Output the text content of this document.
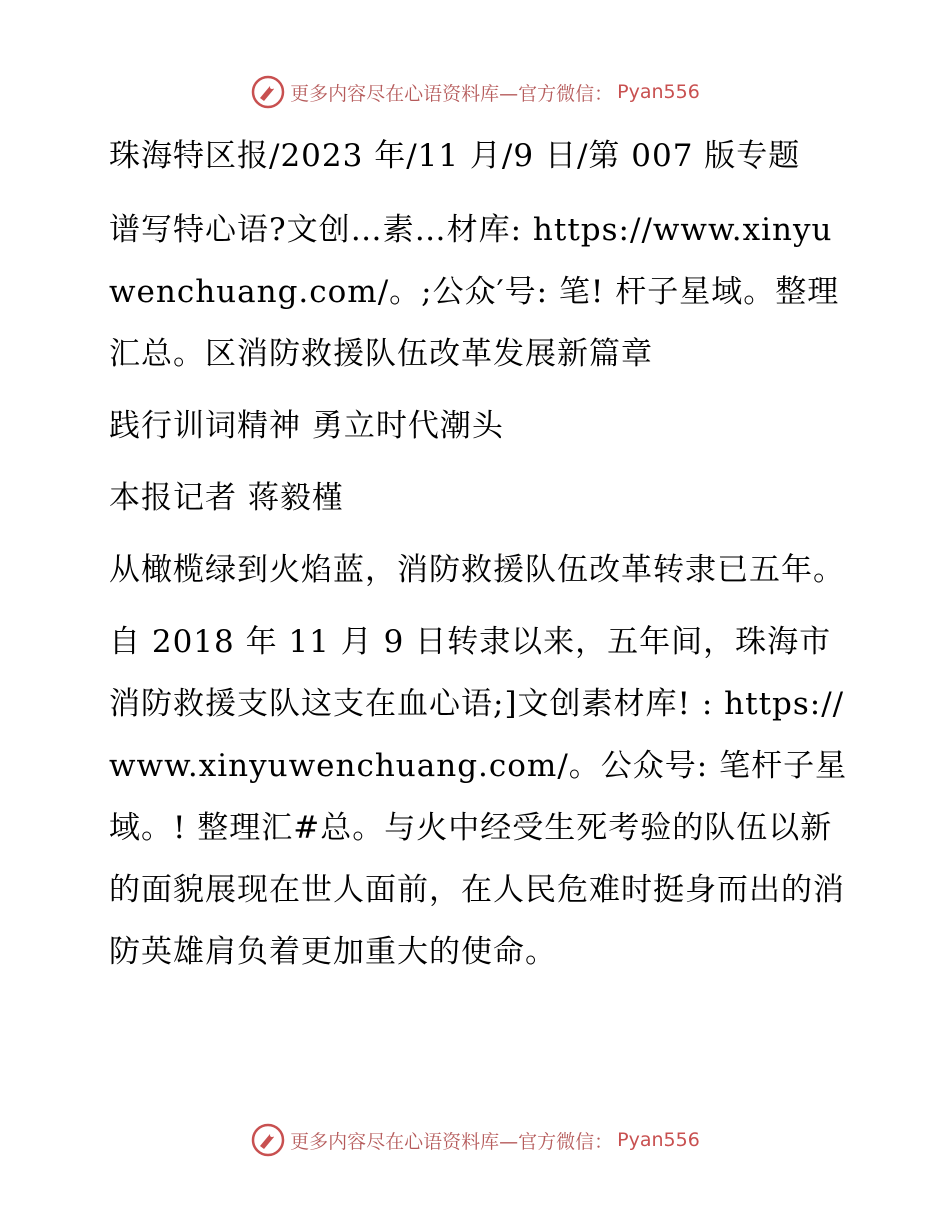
更多内容尽在心语资料库—官方微信： Pyan556

珠海特区报/2023 年/11 月/9 日/第 007 版专题

谱写特心语?文创…素…材库: https://www.xinyuwenchuang.com/。;公众′号: 笔! 杆子星域。整理汇总。区消防救援队伍改革发展新篇章

践行训词精神 勇立时代潮头

本报记者 蒋毅槿

从橄榄绿到火焰蓝，消防救援队伍改革转隶已五年。

自 2018 年 11 月 9 日转隶以来，五年间，珠海市消防救援支队这支在血心语;]文创素材库! : https://www.xinyuwenchuang.com/。公众号: 笔杆子星域。! 整理汇#总。与火中经受生死考验的队伍以新的面貌展现在世人面前，在人民危难时挺身而出的消防英雄肩负着更加重大的使命。

更多内容尽在心语资料库—官方微信： Pyan556
